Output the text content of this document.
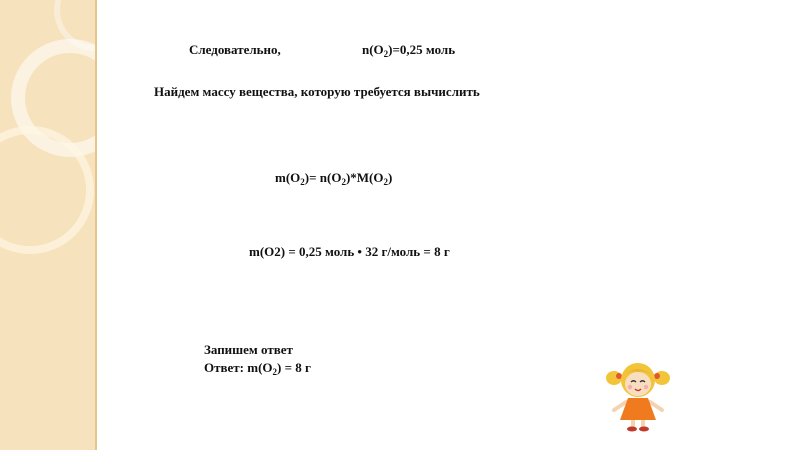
Следовательно,	$n(O_2)=0,25$ моль
Найдем массу вещества, которую требуется вычислить
$m(O_2)= n(O_2)*M(O_2)$
m(O2) = 0,25 моль • 32 г/моль = 8 г
Запишем ответ
Ответ: $m(O_2) = 8$ г
